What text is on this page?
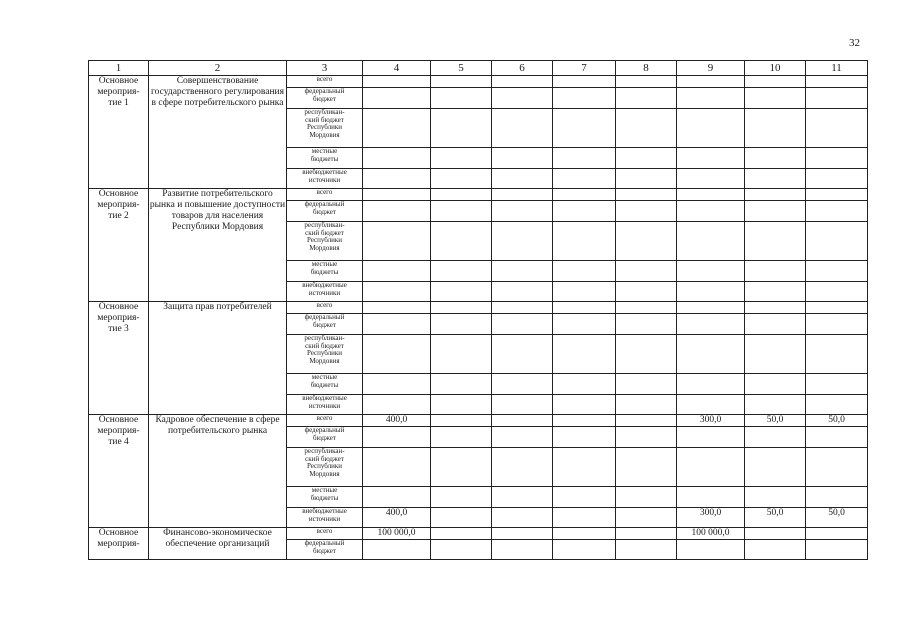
32
1	2	3	4	5	6	7	8	9	10	11

Основное
мероприя-
тие 1	Совершенствование государственного регулирования в сфере потребительского рынка	всего								

		федеральный
бюджет								

		республикан-
ский бюджет
Республики
Мордовия								

		местные
бюджеты								

		внебюджетные
источники								

Основное
мероприя-
тие 2	Развитие потребительского рынка и повышение доступности товаров для населения Республики Мордовия	всего								

		федеральный
бюджет								

		республикан-
ский бюджет
Республики
Мордовия								

		местные
бюджеты								

		внебюджетные
источники								

Основное
мероприя-
тие 3	Защита прав потребителей	всего								

		федеральный
бюджет								

		республикан-
ский бюджет
Республики
Мордовия								

		местные
бюджеты								

		внебюджетные
источники								

Основное
мероприя-
тие 4	Кадровое обеспечение в сфере потребительского рынка	всего	400,0					300,0	50,0	50,0

		федеральный
бюджет								

		республикан-
ский бюджет
Республики
Мордовия								

		местные
бюджеты								

		внебюджетные
источники	400,0					300,0	50,0	50,0

Основное
мероприя-	Финансово-экономическое обеспечение организаций	всего	100 000,0					100 000,0		

		федеральный
бюджет								
